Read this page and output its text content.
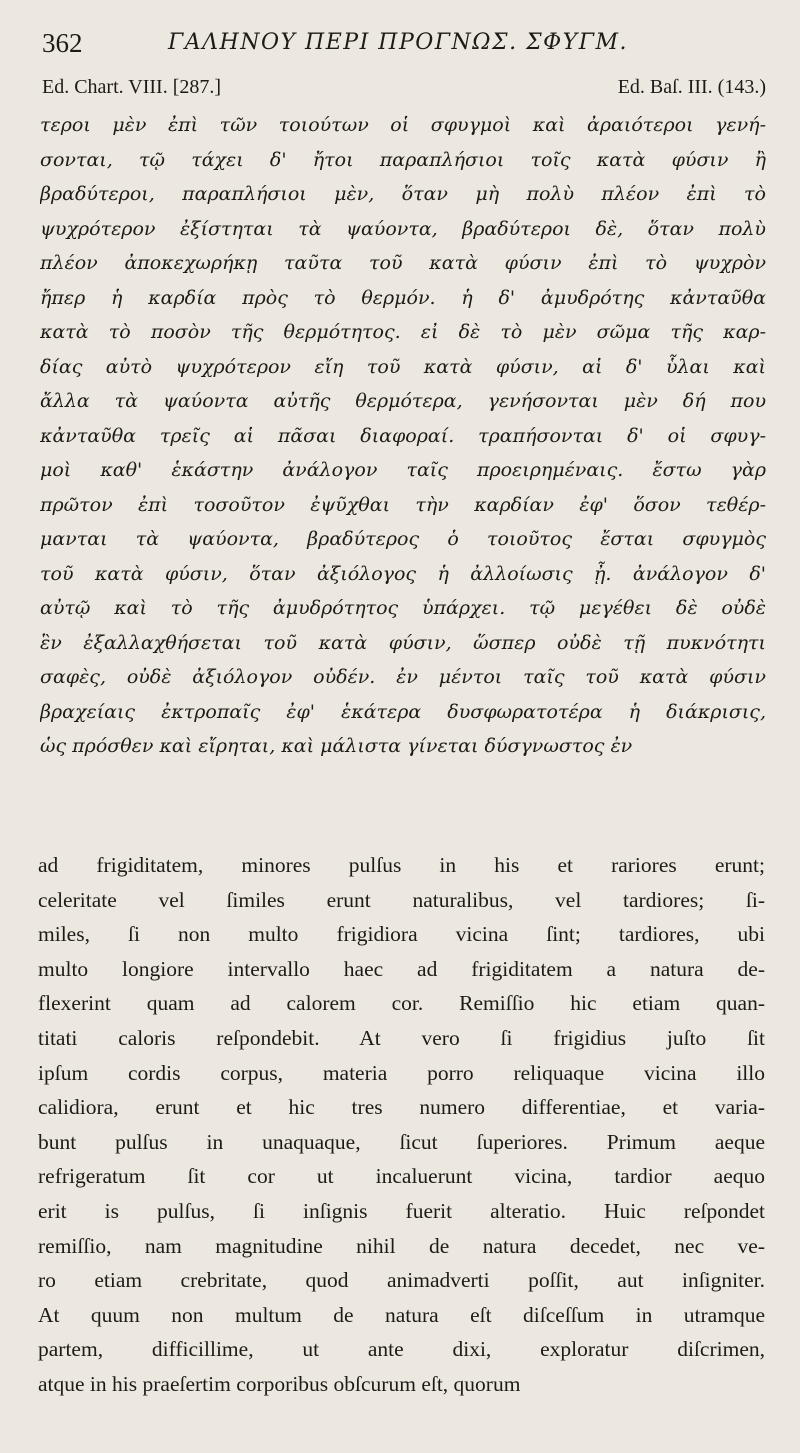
362	ΓΑΛΗΝΟΥ ΠΕΡΙ ΠΡΟΓΝΩΣ. ΣΦΥΓΜ.
Ed. Chart. VIII. [287.]	Ed. Baſ. III. (143.)
τεροι μὲν ἐπὶ τῶν τοιούτων οἱ σφυγμοὶ καὶ ἀραιότεροι γενή-
σονται, τῷ τάχει δ' ἤτοι παραπλήσιοι τοῖς κατὰ φύσιν ἢ
βραδύτεροι, παραπλήσιοι μὲν, ὅταν μὴ πολὺ πλέον ἐπὶ τὸ
ψυχρότερον ἐξίστηται τὰ ψαύοντα, βραδύτεροι δὲ, ὅταν πολὺ
πλέον ἀποκεχωρήκῃ ταῦτα τοῦ κατὰ φύσιν ἐπὶ τὸ ψυχρὸν
ἤπερ ἡ καρδία πρὸς τὸ θερμόν. ἡ δ' ἀμυδρότης κἀνταῦθα
κατὰ τὸ ποσὸν τῆς θερμότητος. εἰ δὲ τὸ μὲν σῶμα τῆς καρ-
δίας αὐτὸ ψυχρότερον εἴη τοῦ κατὰ φύσιν, αἱ δ' ὗλαι καὶ
ἄλλα τὰ ψαύοντα αὐτῆς θερμότερα, γενήσονται μὲν δή που
κἀνταῦθα τρεῖς αἱ πᾶσαι διαφοραί. τραπήσονται δ' οἱ σφυγ-
μοὶ καθ' ἑκάστην ἀνάλογον ταῖς προειρημέναις. ἔστω γὰρ
πρῶτον ἐπὶ τοσοῦτον ἐψῦχθαι τὴν καρδίαν ἐφ' ὅσον τεθέρ-
μανται τὰ ψαύοντα, βραδύτερος ὁ τοιοῦτος ἔσται σφυγμὸς
τοῦ κατὰ φύσιν, ὅταν ἀξιόλογος ἡ ἀλλοίωσις ᾖ. ἀνάλογον δ'
αὐτῷ καὶ τὸ τῆς ἀμυδρότητος ὑπάρχει. τῷ μεγέθει δὲ οὐδὲ
ἓν ἐξαλλαχθήσεται τοῦ κατὰ φύσιν, ὥσπερ οὐδὲ τῇ πυκνότητι
σαφὲς, οὐδὲ ἀξιόλογον οὐδέν. ἐν μέντοι ταῖς τοῦ κατὰ φύσιν
βραχείαις ἐκτροπαῖς ἐφ' ἑκάτερα δυσφωρατοτέρα ἡ διάκρισις,
ὡς πρόσθεν καὶ εἴρηται, καὶ μάλιστα γίνεται δύσγνωστος ἐν
ad frigiditatem, minores pulſus in his et rariores erunt;
celeritate vel ſimiles erunt naturalibus, vel tardiores; ſi-
miles, ſi non multo frigidiora vicina ſint; tardiores, ubi
multo longiore intervallo haec ad frigiditatem a natura de-
flexerint quam ad calorem cor. Remiſſio hic etiam quan-
titati caloris reſpondebit. At vero ſi frigidius juſto ſit
ipſum cordis corpus, materia porro reliquaque vicina illo
calidiora, erunt et hic tres numero differentiae, et varia-
bunt pulſus in unaquaque, ſicut ſuperiores. Primum aeque
refrigeratum ſit cor ut incaluerunt vicina, tardior aequo
erit is pulſus, ſi inſignis fuerit alteratio. Huic reſpondet
remiſſio, nam magnitudine nihil de natura decedet, nec ve-
ro etiam crebritate, quod animadverti poſſit, aut inſigniter.
At quum non multum de natura eſt diſceſſum in utramque
partem, difficillime, ut ante dixi, exploratur diſcrimen,
atque in his praeſertim corporibus obſcurum eſt, quorum
